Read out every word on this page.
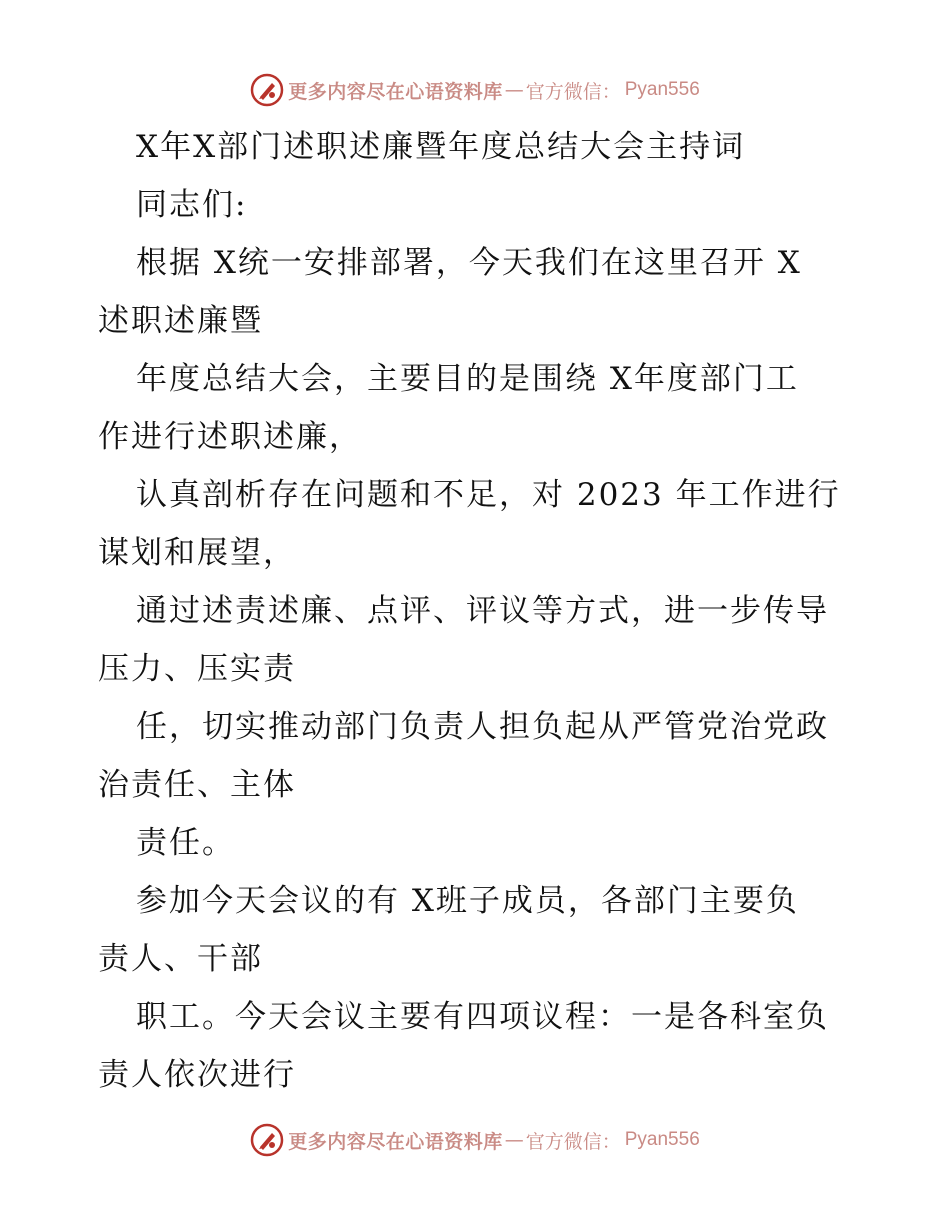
更多内容尽在心语资料库 — 官方微信： Pyan556
X年X部门述职述廉暨年度总结大会主持词
同志们:
根据 X统一安排部署，今天我们在这里召开 X
述职述廉暨
年度总结大会，主要目的是围绕 X年度部门工
作进行述职述廉，
认真剖析存在问题和不足，对 2023 年工作进行
谋划和展望，
通过述责述廉、点评、评议等方式，进一步传导
压力、压实责
任，切实推动部门负责人担负起从严管党治党政
治责任、主体
责任。
参加今天会议的有 X班子成员，各部门主要负
责人、干部
职工。今天会议主要有四项议程：一是各科室负
责人依次进行
更多内容尽在心语资料库 — 官方微信： Pyan556
